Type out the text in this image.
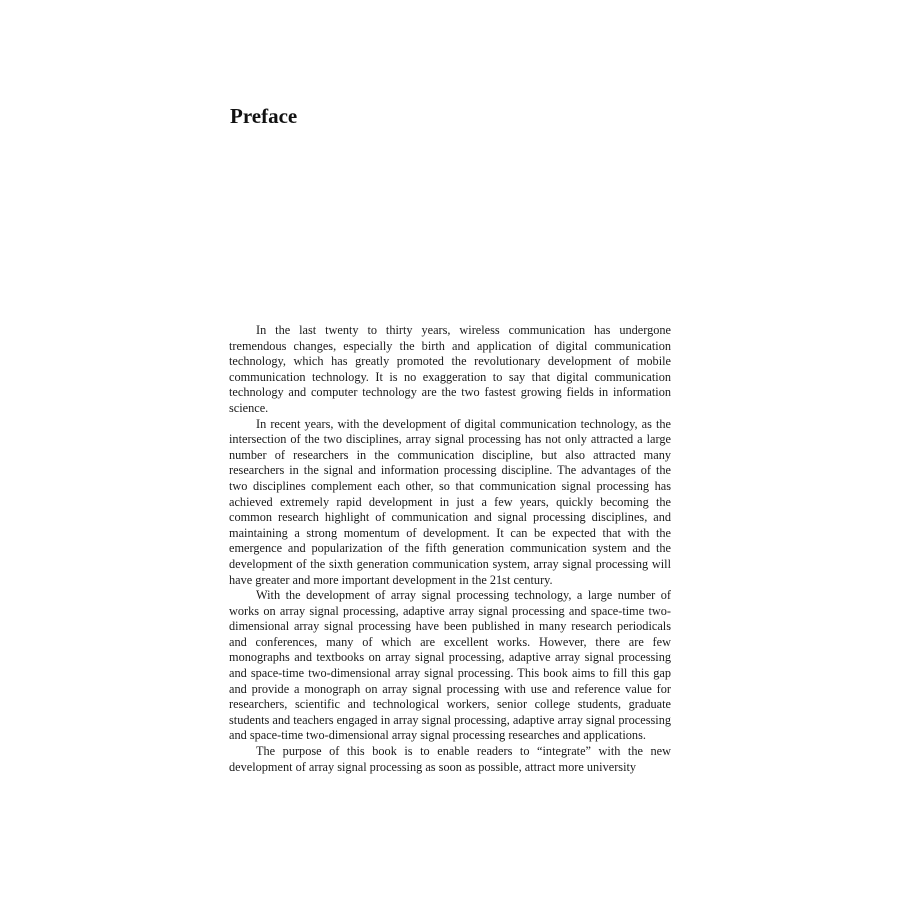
Preface

In the last twenty to thirty years, wireless communication has undergone tremendous changes, especially the birth and application of digital communication technology, which has greatly promoted the revolutionary development of mobile communication technology. It is no exaggeration to say that digital communication technology and computer technology are the two fastest growing fields in information science.

In recent years, with the development of digital communication technology, as the intersection of the two disciplines, array signal processing has not only attracted a large number of researchers in the communication discipline, but also attracted many researchers in the signal and information processing discipline. The advantages of the two disciplines complement each other, so that communication signal processing has achieved extremely rapid development in just a few years, quickly becoming the common research highlight of communication and signal processing disciplines, and maintaining a strong momentum of development. It can be expected that with the emergence and popularization of the fifth generation communication system and the development of the sixth generation communication system, array signal processing will have greater and more important development in the 21st century.

With the development of array signal processing technology, a large number of works on array signal processing, adaptive array signal processing and space-time two-dimensional array signal processing have been published in many research periodicals and conferences, many of which are excellent works. However, there are few monographs and textbooks on array signal processing, adaptive array signal processing and space-time two-dimensional array signal processing. This book aims to fill this gap and provide a monograph on array signal processing with use and reference value for researchers, scientific and technological workers, senior college students, graduate students and teachers engaged in array signal processing, adaptive array signal processing and space-time two-dimensional array signal processing researches and applications.

The purpose of this book is to enable readers to “integrate” with the new development of array signal processing as soon as possible, attract more university
